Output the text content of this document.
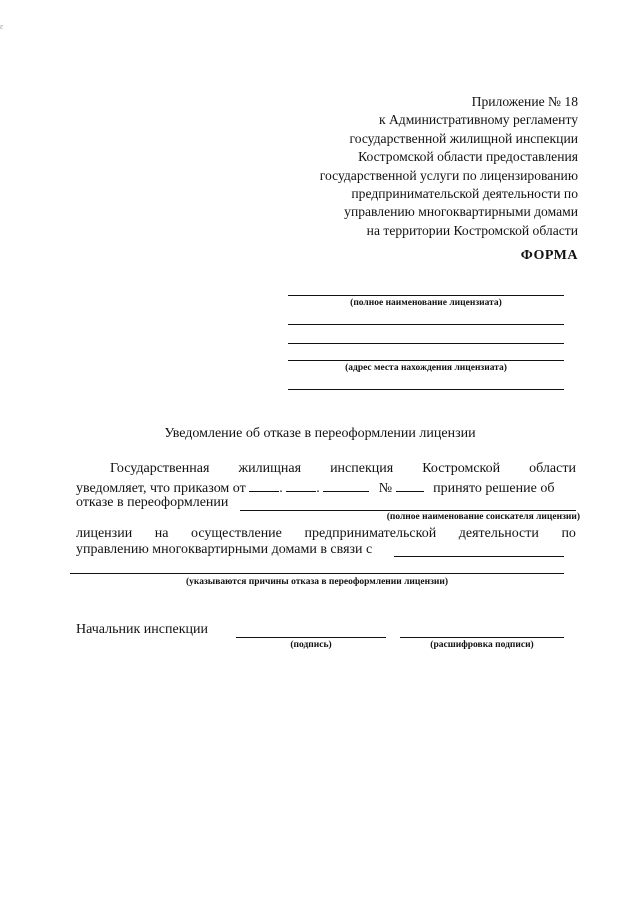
ε
Приложение № 18
к Административному регламенту
государственной жилищной инспекции
Костромской области предоставления
государственной услуги по лицензированию
предпринимательской деятельности по
управлению многоквартирными домами
на территории Костромской области
ФОРМА
(полное наименование лицензиата)
(адрес места нахождения лицензиата)
Уведомление об отказе в переоформлении лицензии
Государственная жилищная инспекция Костромской области
уведомляет, что приказом от . .	№	принято решение об
отказе в переоформлении
(полное наименование соискателя лицензии)
лицензии на осуществление предпринимательской деятельности по
управлению многоквартирными домами в связи с
(указываются причины отказа в переоформлении лицензии)
Начальник инспекции
(подпись)	(расшифровка подписи)
